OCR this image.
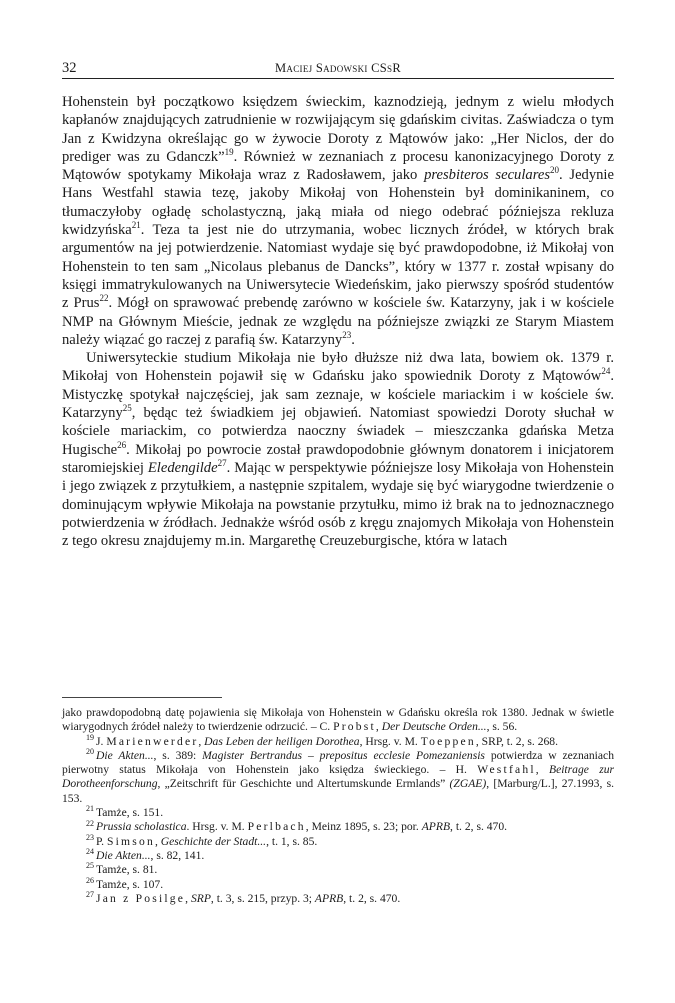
32	Maciej Sadowski CSsR

Hohenstein był początkowo księdzem świeckim, kaznodzieją, jednym z wielu młodych kapłanów znajdujących zatrudnienie w rozwijającym się gdańskim civitas. Zaświadcza o tym Jan z Kwidzyna określając go w żywocie Doroty z Mątowów jako: „Her Niclos, der do prediger was zu Gdanczk”$^{19}$. Również w zeznaniach z procesu kanonizacyjnego Doroty z Mątowów spotykamy Mikołaja wraz z Radosławem, jako presbiteros seculares$^{20}$. Jedynie Hans Westfahl stawia tezę, jakoby Mikołaj von Hohenstein był dominikaninem, co tłumaczyłoby ogładę scholastyczną, jaką miała od niego odebrać późniejsza rekluza kwidzyńska$^{21}$. Teza ta jest nie do utrzymania, wobec licznych źródeł, w których brak argumentów na jej potwierdzenie. Natomiast wydaje się być prawdopodobne, iż Mikołaj von Hohenstein to ten sam „Nicolaus plebanus de Dancks”, który w 1377 r. został wpisany do księgi immatrykulowanych na Uniwersytecie Wiedeńskim, jako pierwszy spośród studentów z Prus$^{22}$. Mógł on sprawować prebendę zarówno w kościele św. Katarzyny, jak i w kościele NMP na Głównym Mieście, jednak ze względu na późniejsze związki ze Starym Miastem należy wiązać go raczej z parafią św. Katarzyny$^{23}$.

Uniwersyteckie studium Mikołaja nie było dłuższe niż dwa lata, bowiem ok. 1379 r. Mikołaj von Hohenstein pojawił się w Gdańsku jako spowiednik Doroty z Mątowów$^{24}$. Mistyczkę spotykał najczęściej, jak sam zeznaje, w kościele mariackim i w kościele św. Katarzyny$^{25}$, będąc też świadkiem jej objawień. Natomiast spowiedzi Doroty słuchał w kościele mariackim, co potwierdza naoczny świadek – mieszczanka gdańska Metza Hugische$^{26}$. Mikołaj po powrocie został prawdopodobnie głównym donatorem i inicjatorem staromiejskiej Eledengilde$^{27}$. Mając w perspektywie późniejsze losy Mikołaja von Hohenstein i jego związek z przytułkiem, a następnie szpitalem, wydaje się być wiarygodne twierdzenie o dominującym wpływie Mikołaja na powstanie przytułku, mimo iż brak na to jednoznacznego potwierdzenia w źródłach. Jednakże wśród osób z kręgu znajomych Mikołaja von Hohenstein z tego okresu znajdujemy m.in. Margarethę Creuzeburgische, która w latach

jako prawdopodobną datę pojawienia się Mikołaja von Hohenstein w Gdańsku określa rok 1380. Jednak w świetle wiarygodnych źródeł należy to twierdzenie odrzucić. – C. Probst, Der Deutsche Orden..., s. 56.

$^{19}$ J. Marienwerder, Das Leben der heiligen Dorothea, Hrsg. v. M. Toeppen, SRP, t. 2, s. 268.

$^{20}$ Die Akten..., s. 389: Magister Bertrandus – prepositus ecclesie Pomezaniensis potwierdza w zeznaniach pierwotny status Mikołaja von Hohenstein jako księdza świeckiego. – H. Westfahl, Beitrage zur Dorotheenforschung, „Zeitschrift für Geschichte und Altertumskunde Ermlands” (ZGAE), [Marburg/L.], 27.1993, s. 153.

$^{21}$ Tamże, s. 151.

$^{22}$ Prussia scholastica. Hrsg. v. M. Perlbach, Meinz 1895, s. 23; por. APRB, t. 2, s. 470.

$^{23}$ P. Simson, Geschichte der Stadt..., t. 1, s. 85.

$^{24}$ Die Akten..., s. 82, 141.

$^{25}$ Tamże, s. 81.

$^{26}$ Tamże, s. 107.

$^{27}$ Jan z Posilge, SRP, t. 3, s. 215, przyp. 3; APRB, t. 2, s. 470.
